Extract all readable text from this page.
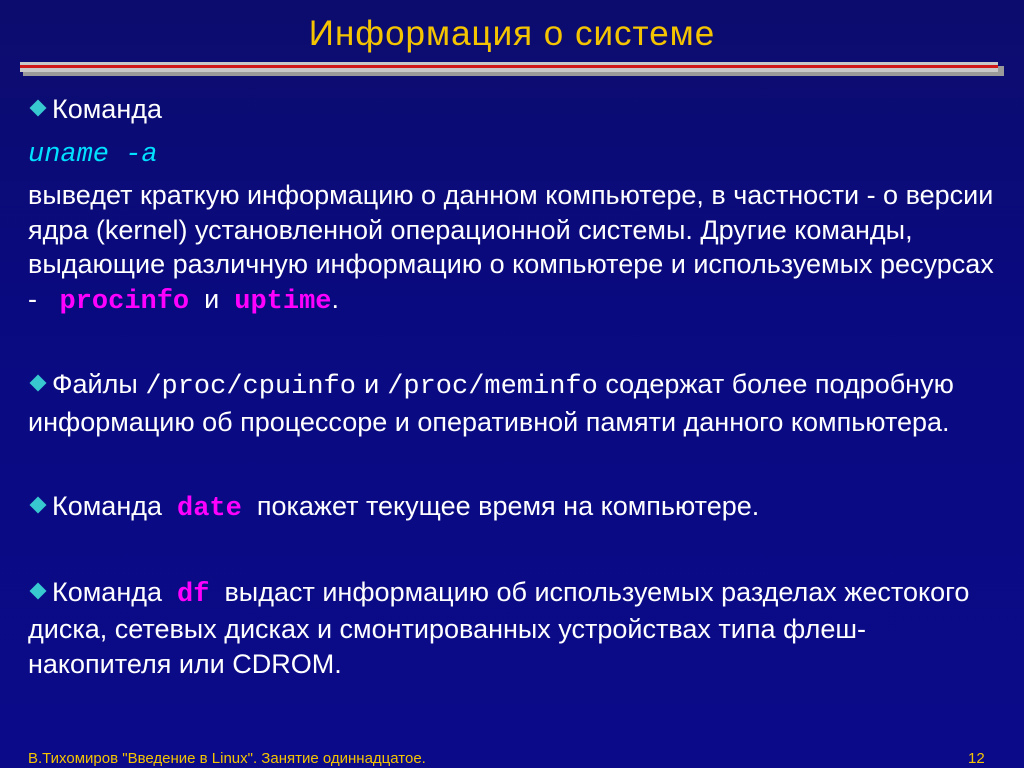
Информация о системе

Команда

uname -a

выведет краткую информацию о данном компьютере, в частности - о версии ядра (kernel) установленной операционной системы. Другие команды, выдающие различную информацию о компьютере и используемых ресурсах - procinfo и uptime.

Файлы /proc/cpuinfo и /proc/meminfo содержат более подробную информацию об процессоре и оперативной памяти данного компьютера.

Команда date покажет текущее время на компьютере.

Команда df выдаст информацию об используемых разделах жестокого диска, сетевых дисках и смонтированных устройствах типа флеш-накопителя или CDROM.

В.Тихомиров "Введение в Linux". Занятие одиннадцатое.	12
